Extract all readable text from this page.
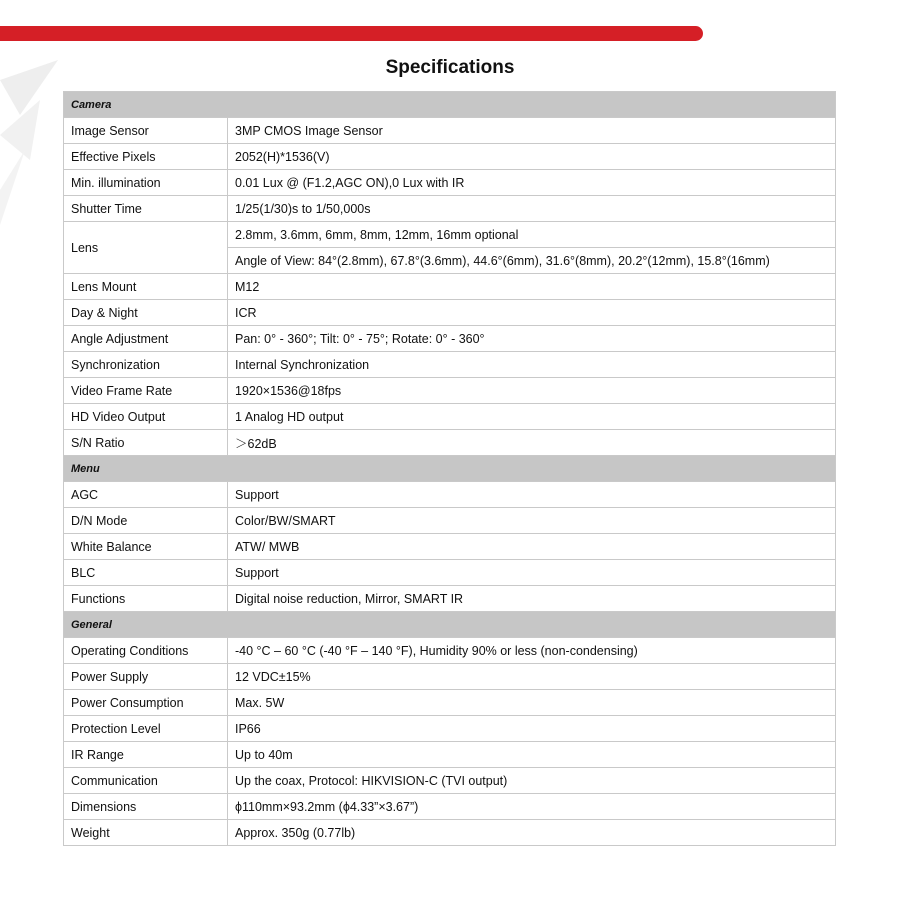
Specifications
Camera	
Image Sensor	3MP CMOS Image Sensor
Effective Pixels	2052(H)*1536(V)
Min. illumination	0.01 Lux @ (F1.2,AGC ON),0 Lux with IR
Shutter Time	1/25(1/30)s to 1/50,000s
Lens	2.8mm, 3.6mm, 6mm, 8mm, 12mm, 16mm optional
	Angle of View: 84°(2.8mm), 67.8°(3.6mm), 44.6°(6mm), 31.6°(8mm), 20.2°(12mm), 15.8°(16mm)
Lens Mount	M12
Day & Night	ICR
Angle Adjustment	Pan: 0° - 360°; Tilt: 0° - 75°; Rotate: 0° - 360°
Synchronization	Internal Synchronization
Video Frame Rate	1920×1536@18fps
HD Video Output	1 Analog HD output
S/N Ratio	＞62dB
Menu	
AGC	Support
D/N Mode	Color/BW/SMART
White Balance	ATW/ MWB
BLC	Support
Functions	Digital noise reduction, Mirror, SMART IR
General	
Operating Conditions	-40 °C – 60 °C (-40 °F – 140 °F), Humidity 90% or less (non-condensing)
Power Supply	12 VDC±15%
Power Consumption	Max. 5W
Protection Level	IP66
IR Range	Up to 40m
Communication	Up the coax, Protocol: HIKVISION-C (TVI output)
Dimensions	ϕ110mm×93.2mm (ϕ4.33”×3.67”)
Weight	Approx. 350g (0.77lb)
